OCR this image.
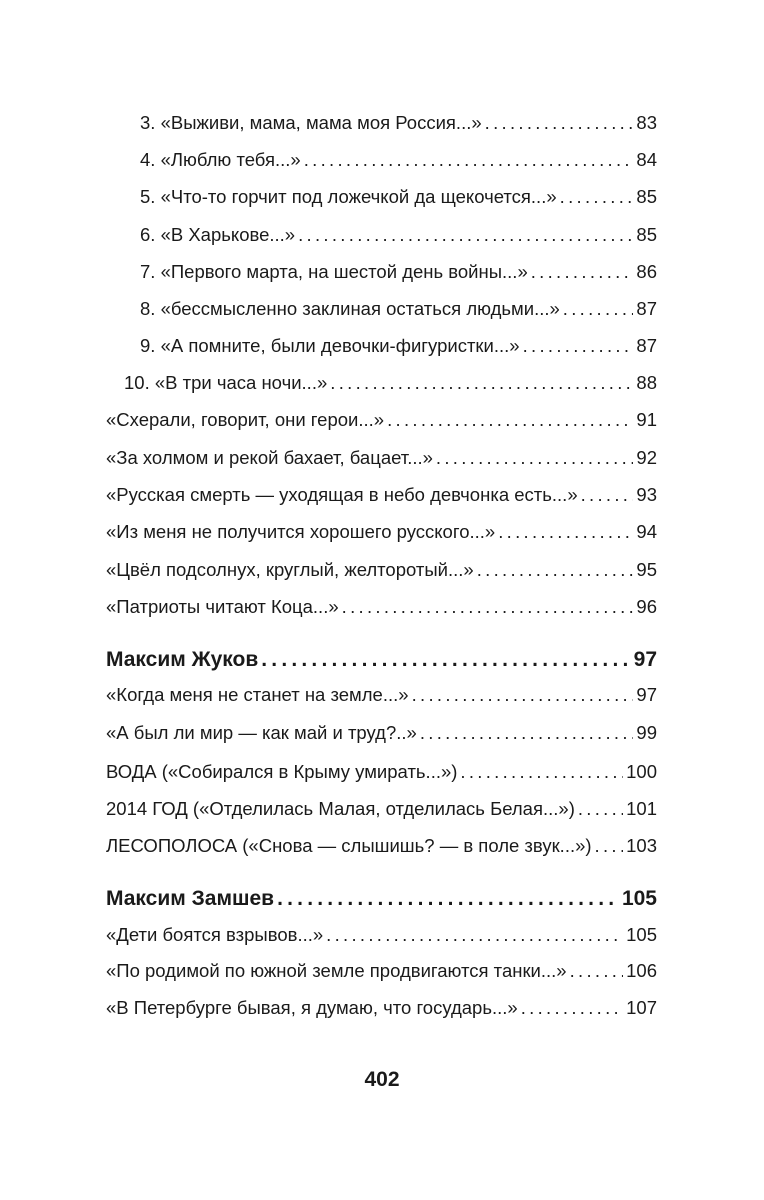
3. «Выживи, мама, мама моя Россия...» .....	83
4. «Люблю тебя...» .....	84
5. «Что-то горчит под ложечкой да щекочется...» .....	85
6. «В Харькове...» .....	85
7. «Первого марта, на шестой день войны...» .....	86
8. «бессмысленно заклиная остаться людьми...» .....	87
9. «А помните, были девочки-фигуристки...» .....	87
10. «В три часа ночи...» .....	88
«Схерали, говорит, они герои...» .....	91
«За холмом и рекой бахает, бацает...» .....	92
«Русская смерть — уходящая в небо девчонка есть...» .....	93
«Из меня не получится хорошего русского...» .....	94
«Цвёл подсолнух, круглый, желторотый...» .....	95
«Патриоты читают Коца...» .....	96
Максим Жуков .....	97
«Когда меня не станет на земле...» .....	97
«А был ли мир — как май и труд?..» .....	99
ВОДА («Собирался в Крыму умирать...») .....	100
2014 ГОД («Отделилась Малая, отделилась Белая...») .....	101
ЛЕСОПОЛОСА («Снова — слышишь? — в поле звук...») ..... 103
Максим Замшев .....	105
«Дети боятся взрывов...» .....	105
«По родимой по южной земле продвигаются танки...» .....	106
«В Петербурге бывая, я думаю, что государь...» .....	107
402
